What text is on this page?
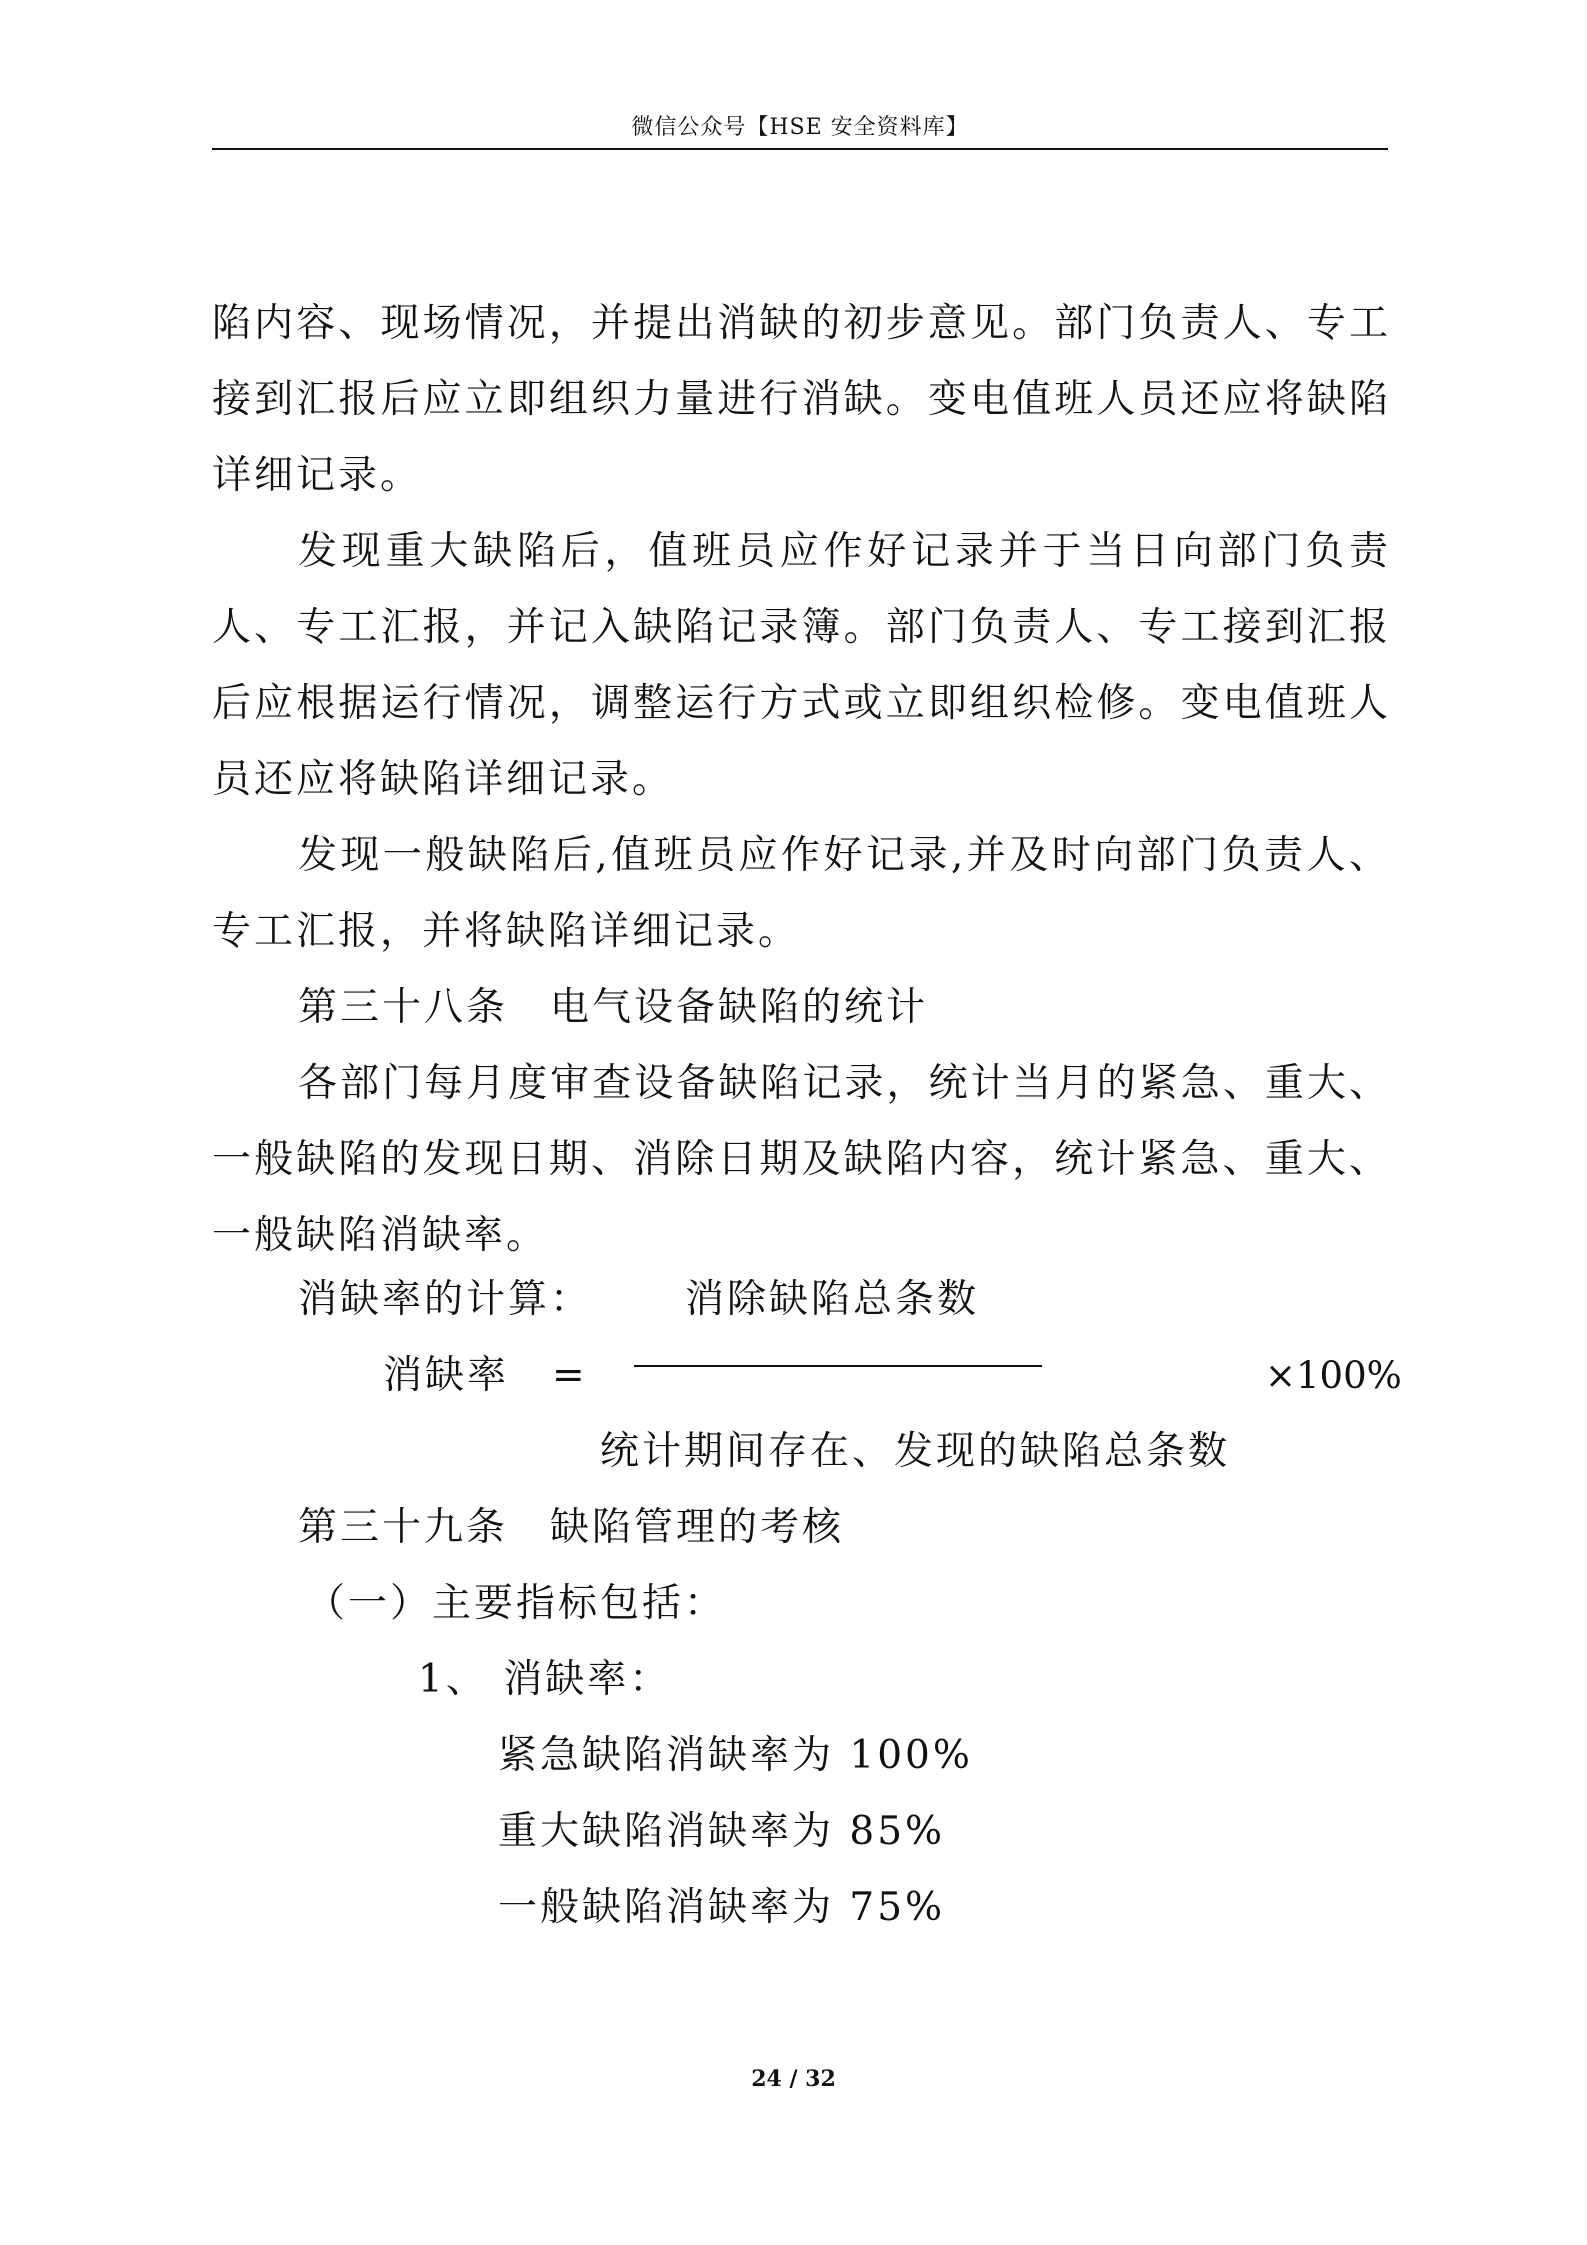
微信公众号【HSE 安全资料库】
陷内容、现场情况，并提出消缺的初步意见。部门负责人、专工
接到汇报后应立即组织力量进行消缺。变电值班人员还应将缺陷
详细记录。
发现重大缺陷后，值班员应作好记录并于当日向部门负责
人、专工汇报，并记入缺陷记录簿。部门负责人、专工接到汇报
后应根据运行情况，调整运行方式或立即组织检修。变电值班人
员还应将缺陷详细记录。
发现一般缺陷后,值班员应作好记录,并及时向部门负责人、
专工汇报，并将缺陷详细记录。
第三十八条　电气设备缺陷的统计
各部门每月度审查设备缺陷记录，统计当月的紧急、重大、
一般缺陷的发现日期、消除日期及缺陷内容，统计紧急、重大、
一般缺陷消缺率。
消缺率的计算： 消除缺陷总条数
消缺率 =	×100%
统计期间存在、发现的缺陷总条数
第三十九条　缺陷管理的考核
（一）主要指标包括：
1、 消缺率：
紧急缺陷消缺率为 100%
重大缺陷消缺率为 85%
一般缺陷消缺率为 75%
24 / 32
